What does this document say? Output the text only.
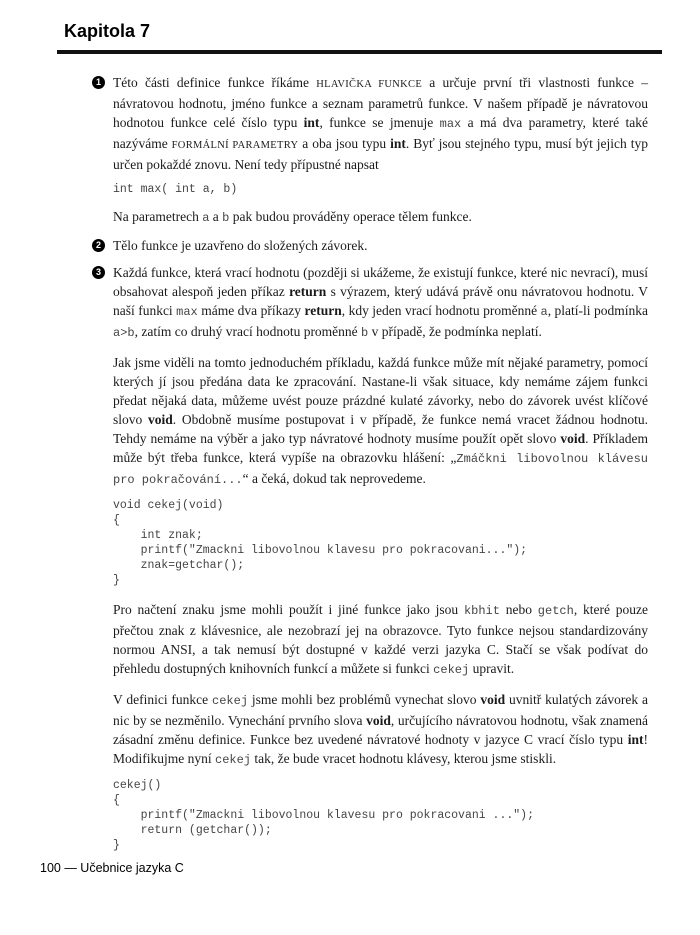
Kapitola 7
1 Této části definice funkce říkáme HLAVIČKA FUNKCE a určuje první tři vlastnosti funkce – návratovou hodnotu, jméno funkce a seznam parametrů funkce. V našem případě je návratovou hodnotou funkce celé číslo typu int, funkce se jmenuje max a má dva parametry, které také nazýváme FORMÁLNÍ PARAMETRY a oba jsou typu int. Byť jsou stejného typu, musí být jejich typ určen pokaždé znovu. Není tedy přípustné napsat

int max( int a, b)

Na parametrech a a b pak budou prováděny operace tělem funkce.

2 Tělo funkce je uzavřeno do složených závorek.

3 Každá funkce, která vrací hodnotu (později si ukážeme, že existují funkce, které nic nevrací), musí obsahovat alespoň jeden příkaz return s výrazem, který udává právě onu návratovou hodnotu. V naší funkci max máme dva příkazy return, kdy jeden vrací hodnotu proměnné a, platí-li podmínka a>b, zatím co druhý vrací hodnotu proměnné b v případě, že podmínka neplatí.

Jak jsme viděli na tomto jednoduchém příkladu, každá funkce může mít nějaké parametry, pomocí kterých jí jsou předána data ke zpracování. Nastane-li však situace, kdy nemáme zájem funkci předat nějaká data, můžeme uvést pouze prázdné kulaté závorky, nebo do závorek uvést klíčové slovo void. Obdobně musíme postupovat i v případě, že funkce nemá vracet žádnou hodnotu. Tehdy nemáme na výběr a jako typ návratové hodnoty musíme použít opět slovo void. Příkladem může být třeba funkce, která vypíše na obrazovku hlášení: „Zmáčkni libovolnou klávesu pro pokračování...“ a čeká, dokud tak neprovedeme.

void cekej(void)
{
int znak;
printf("Zmackni libovolnou klavesu pro pokracovani...");
znak=getchar();
}

Pro načtení znaku jsme mohli použít i jiné funkce jako jsou kbhit nebo getch, které pouze přečtou znak z klávesnice, ale nezobrazí jej na obrazovce. Tyto funkce nejsou standardizovány normou ANSI, a tak nemusí být dostupné v každé verzi jazyka C. Stačí se však podívat do přehledu dostupných knihovních funkcí a můžete si funkci cekej upravit.

V definici funkce cekej jsme mohli bez problémů vynechat slovo void uvnitř kulatých závorek a nic by se nezměnilo. Vynechání prvního slova void, určujícího návratovou hodnotu, však znamená zásadní změnu definice. Funkce bez uvedené návratové hodnoty v jazyce C vrací číslo typu int! Modifikujme nyní cekej tak, že bude vracet hodnotu klávesy, kterou jsme stiskli.

cekej()
{
printf("Zmackni libovolnou klavesu pro pokracovani ...");
return (getchar());
}
100 — Učebnice jazyka C
